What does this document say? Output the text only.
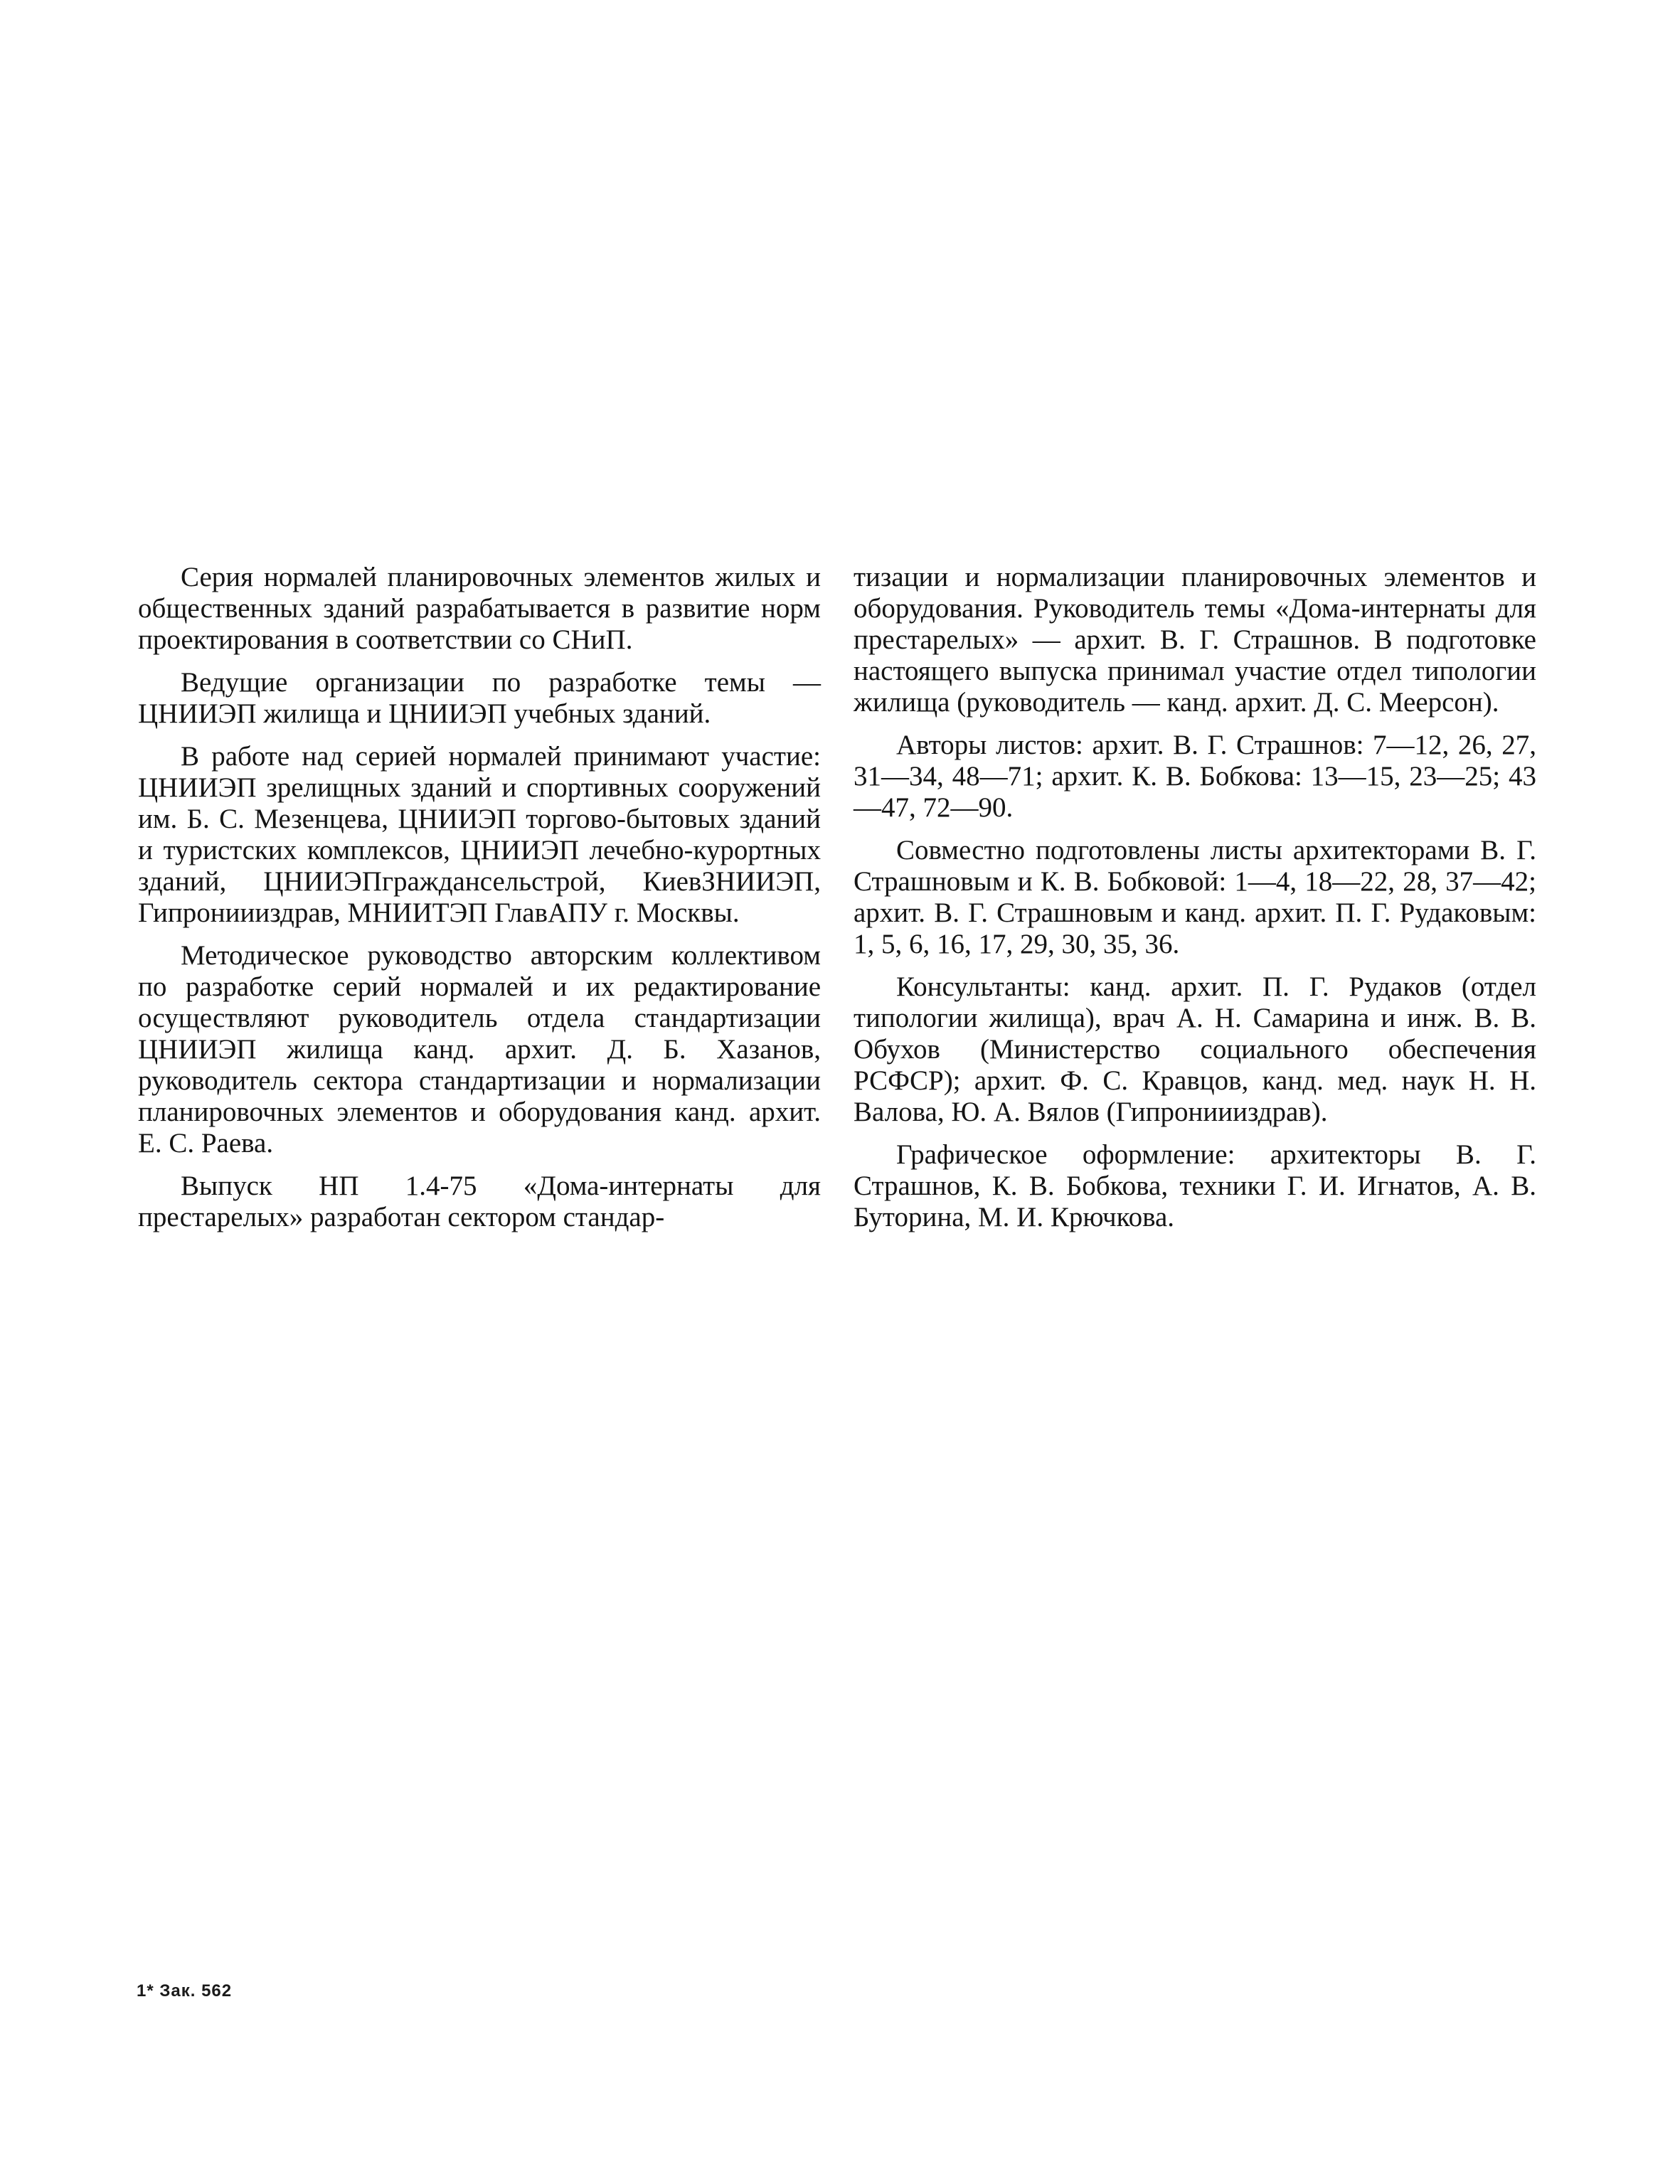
Серия нормалей планировочных элементов жилых и общественных зданий разрабатывается в развитие норм проектирования в соответствии со СНиП.

Ведущие организации по разработке темы — ЦНИИЭП жилища и ЦНИИЭП учебных зданий.

В работе над серией нормалей принимают участие: ЦНИИЭП зрелищных зданий и спортивных сооружений им. Б. С. Мезенцева, ЦНИИЭП торгово-бытовых зданий и туристских комплексов, ЦНИИЭП лечебно-курортных зданий, ЦНИИЭПграждансельстрой, КиевЗНИИЭП, Гипрониииздрав, МНИИТЭП ГлавАПУ г. Москвы.

Методическое руководство авторским коллективом по разработке серий нормалей и их редактирование осуществляют руководитель отдела стандартизации ЦНИИЭП жилища канд. архит. Д. Б. Хазанов, руководитель сектора стандартизации и нормализации планировочных элементов и оборудования канд. архит. Е. С. Раева.

Выпуск НП 1.4-75 «Дома-интернаты для престарелых» разработан сектором стандар-

тизации и нормализации планировочных элементов и оборудования. Руководитель темы «Дома-интернаты для престарелых» — архит. В. Г. Страшнов. В подготовке настоящего выпуска принимал участие отдел типологии жилища (руководитель — канд. архит. Д. С. Меерсон).

Авторы листов: архит. В. Г. Страшнов: 7—12, 26, 27, 31—34, 48—71; архит. К. В. Бобкова: 13—15, 23—25; 43—47, 72—90.

Совместно подготовлены листы архитекторами В. Г. Страшновым и К. В. Бобковой: 1—4, 18—22, 28, 37—42; архит. В. Г. Страшновым и канд. архит. П. Г. Рудаковым: 1, 5, 6, 16, 17, 29, 30, 35, 36.

Консультанты: канд. архит. П. Г. Рудаков (отдел типологии жилища), врач А. Н. Самарина и инж. В. В. Обухов (Министерство социального обеспечения РСФСР); архит. Ф. С. Кравцов, канд. мед. наук Н. Н. Валова, Ю. А. Вялов (Гипрониииздрав).

Графическое оформление: архитекторы В. Г. Страшнов, К. В. Бобкова, техники Г. И. Игнатов, А. В. Буторина, М. И. Крючкова.

1* Зак. 562
